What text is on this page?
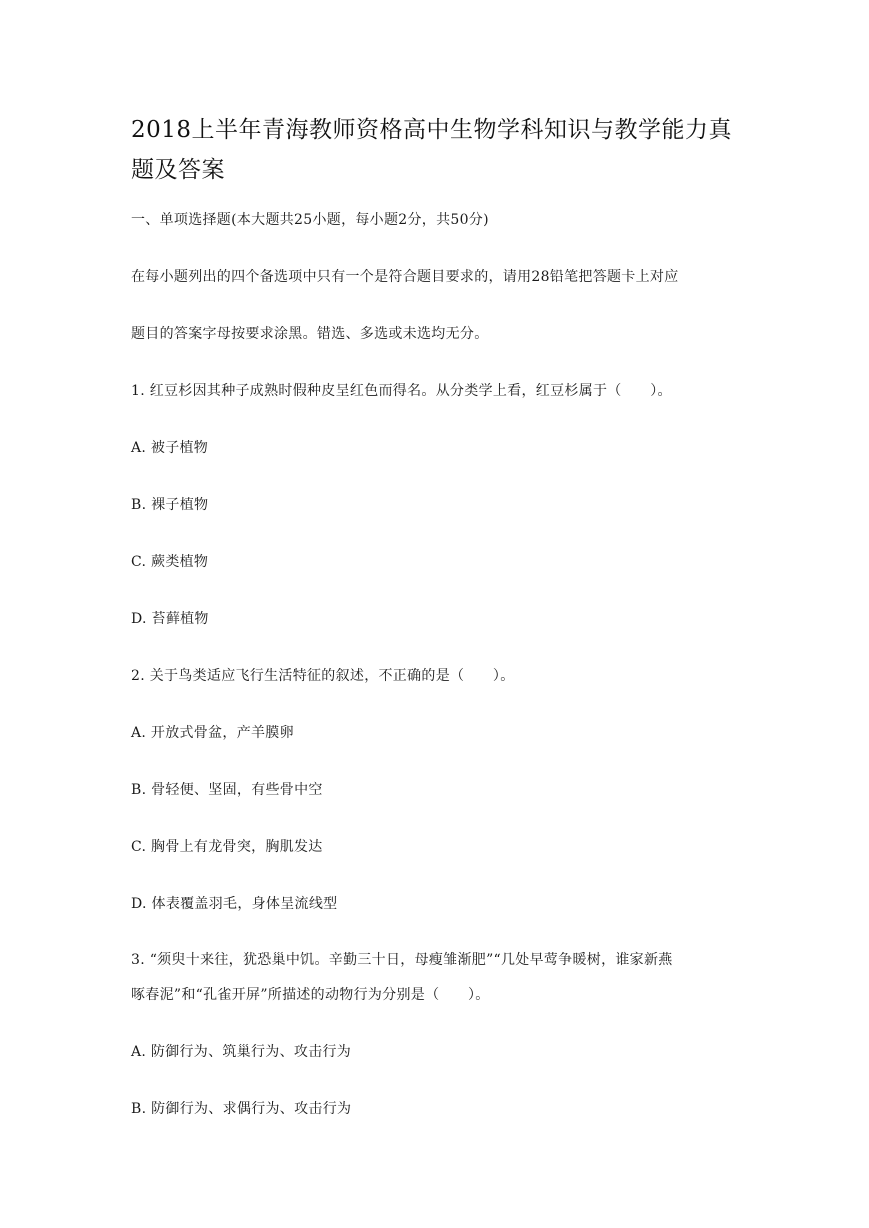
2018上半年青海教师资格高中生物学科知识与教学能力真题及答案
一、单项选择题(本大题共25小题，每小题2分，共50分)
在每小题列出的四个备选项中只有一个是符合题目要求的，请用28铅笔把答题卡上对应
题目的答案字母按要求涂黑。错选、多选或未选均无分。
1. 红豆杉因其种子成熟时假种皮呈红色而得名。从分类学上看，红豆杉属于（　　）。
A. 被子植物
B. 裸子植物
C. 蕨类植物
D. 苔藓植物
2. 关于鸟类适应飞行生活特征的叙述，不正确的是（　　）。
A. 开放式骨盆，产羊膜卵
B. 骨轻便、坚固，有些骨中空
C. 胸骨上有龙骨突，胸肌发达
D. 体表覆盖羽毛，身体呈流线型
3. “须臾十来往，犹恐巢中饥。辛勤三十日，母瘦雏渐肥”“几处早莺争暖树，谁家新燕
啄春泥”和“孔雀开屏”所描述的动物行为分别是（　　）。
A. 防御行为、筑巢行为、攻击行为
B. 防御行为、求偶行为、攻击行为
